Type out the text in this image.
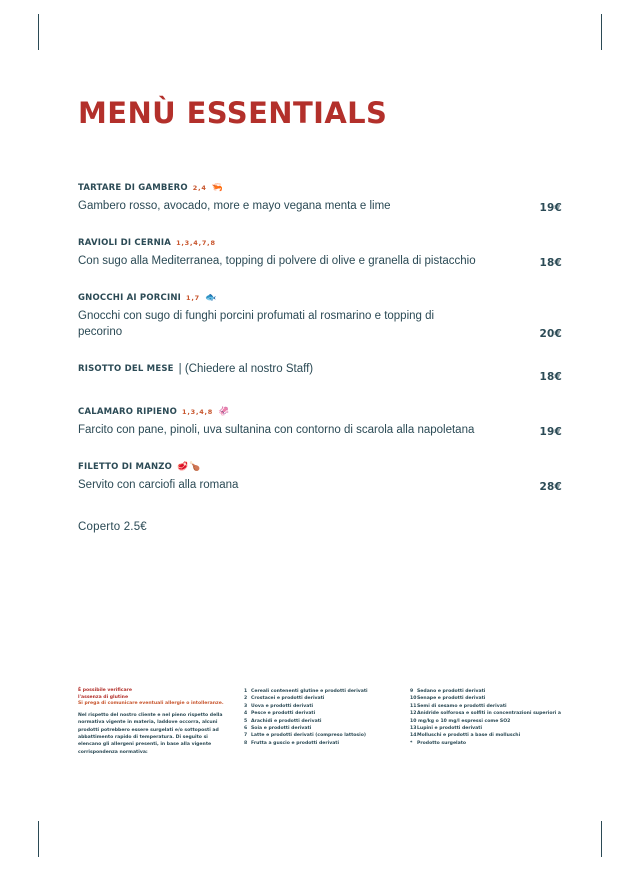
MENÙ ESSENTIALS
TARTARE DI GAMBERO 2,4 🦐
Gambero rosso, avocado, more e mayo vegana menta e lime	19€
RAVIOLI DI CERNIA 1,3,4,7,8
Con sugo alla Mediterranea, topping di polvere di olive e granella di pistacchio	18€
GNOCCHI AI PORCINI 1,7 🐟
Gnocchi con sugo di funghi porcini profumati al rosmarino e topping di pecorino	20€
RISOTTO DEL MESE | (Chiedere al nostro Staff)
18€
CALAMARO RIPIENO 1,3,4,8 🦑
Farcito con pane, pinoli, uva sultanina con contorno di scarola alla napoletana	19€
FILETTO DI MANZO 🥩🍗
Servito con carciofi alla romana	28€
Coperto 2.5€
È possibile verificare
l'assenza di glutine
Si prega di comunicare eventuali allergie o intolleranze.

Nel rispetto del nostro cliente e nel pieno rispetto della normativa vigente in materia, laddove occorra, alcuni prodotti potrebbero essere surgelati e/o sottoposti ad abbattimento rapido di temperatura. Di seguito si elencano gli allergeni presenti, in base alla vigente corrispondenza normativa:

1 Cereali contenenti glutine e prodotti derivati
2 Crostacei e prodotti derivati
3 Uova e prodotti derivati
4 Pesce e prodotti derivati
5 Arachidi e prodotti derivati
6 Soia e prodotti derivati
7 Latte e prodotti derivati (compreso lattosio)
8 Frutta a guscio e prodotti derivati
9 Sedano e prodotti derivati
10Senape e prodotti derivati
11Semi di sesamo e prodotti derivati
12Anidride solforosa e solfiti in concentrazioni superiori a 10 mg/kg o 10 mg/l espressi come SO2
13Lupini e prodotti derivati
14Molluschi e prodotti a base di molluschi
* Prodotto surgelato
